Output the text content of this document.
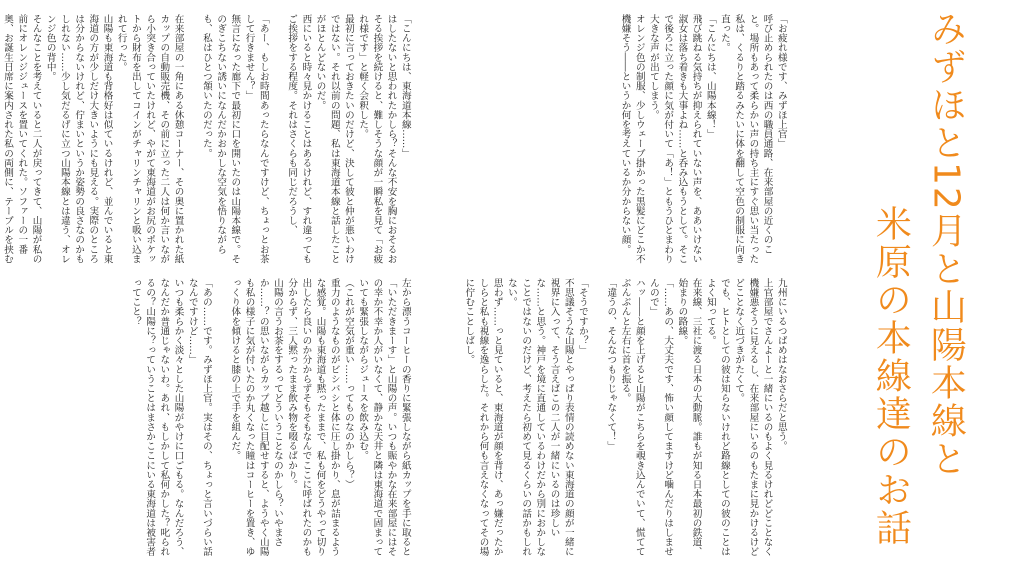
みずほと12月と山陽本線と
米原の本線達のお話

「お疲れ様です、みずほ上官」
呼び止められたのは西の職員通路、在来部屋の近くのこと。場所もあって柔らかい声の持ち主にすぐ思い当たった私は、くるりと踏るみたいに体を翻して空色の制服に向き直った。
「こんにちは、山陽本線！」
飛び跳ねる気持ちが抑えられていない声を、ああいけない淑女は落ち着きも大事よね……と呑み込もうとして。そこで後ろに立った顔に気が付いて「あ！」ともうひとまわり大きな声が出てしまう。
オレンジ色の制服、少しウェーブ掛かった黒髪にどこか不機嫌そう――というか何を考えているか分からない顔。

九州にいるつばめはなおさらだと思う。
上官部屋でさんよーと一緒にいるのもよく見るけれどどことなく機嫌悪そうに見えるし、在来部屋にいるのもたまに見かけるけどどことなく近づきがたくて。
でも、ヒトとしての彼は知らないけれど路線としての彼のことはよく知ってる。
在来線、三社に渡る日本の大動脈。誰もが知る日本最初の鉄道、始まりの路線。
「……あの、大丈夫です、怖い顔してますけど噛んだりはしませんので」
ハッ――と顔を上げると山陽がこちらを覗き込んでいて、慌ててぶんぶんと左右に首を振る。
「違うの、そんなつもりじゃなくて！」

「そうですか？」
不思議そうな山陽とやっぱり表情の読めない東海道の顔が一緒に視界に入って、そう言えばこの二人が一緒にいるのは珍しいな……と思う。神戸を境に直通しているわけだから別におかしなことではないのだけど、考えたら初めて見るくらいの話かもしれない。
思わず……っと見ていると、東海道が顔を背け、あっ嫌だったかしらと私も視線を逸らした。それから何も言えなくなってその場に佇むことしばし。

「こんにちは、東海道本線……」
はしたないと思われたかしら？そんな不安を胸におそるおそる挨拶を続けると、難しそうな顔が一瞬私を見て「お疲れ様です」と軽く会釈した。
最初に言っておきたいのだけど、決して彼と仲が悪いわけではない。それ以前の問題、私は東海道本線と話したことがほとんどないのだ。
西にいると時々見かけることはあるけれど、すれ違ってもご挨拶をする程度。それはさくらも同じだろうし、

「あー、もしお時間あったらなんですけど、ちょっとお茶して行きません？」
無言になった廊下で最初に口を開いたのは山陽本線で。そのぎこちない誘いになんだかおかしな空気を悟りながらも、私はひとつ頷いたのだった。

在来部屋の一角にある休憩コーナー、その奥に置かれた紙カップの自動販売機、その前に立った二人は何か言いながら小突き合っていたけれど、やがて東海道がお尻のポケットから財布を出してコインがチャリンチャリンと吸い込まれて行った。
山陽も東海道も背格好は似ているけれど、並んでいると東海道の方が少しだけ大きいようにも見える。実際のところは分からないけれど、佇まいというか姿勢の良さなのかもしれない……少し気だるげに立つ山陽本線とは違う、オレンジ色の背中。
そんなことを考えていると二人が戻ってきて、山陽が私の前にオレンジジュースを置いてくれた。ソファーの一番奥、お誕生日席に案内された私の両側に、テーブルを挟む

左から漂うコーヒーの香りに緊張しながら紙カップを手に取ると「いただきまーす」と山陽の声。いつも賑やかな在来部屋にはその幸か不幸か人がいなくて、静かな天井と隣は東海道で固まっていても緊張しながらジュースを飲み込む。
（これが空気が重い……ってものなのかしら？）
重力のようなものがビシバシと体に圧し掛かり、息が詰まるような感覚。山陽も東海道も黙ったままで、私も何をどうやって切り出したら良いのか分からずそもそもなんでここに呼ばれたのかも分からず、三人黙ったまま飲み物を啜るばかり。
山陽の言うお茶をするってどういうことなのかしら？いやまさか……？の思いながらカップ越しに目配せすると、ようやく山陽も私の様子に気が付いたのか丸くなった瞳はコーヒーを置き、ゆっくり体を傾けると膝の上で手を組んだ。

「あの……です。みずほ上官。実はその、ちょっと言いづらい話なんですけど……」
いつも柔らかく淡々とした山陽がやけに口ごもる。なんだろう、なんだか普通じゃないわ。あれ、もしかして私何かした？叱られるの？山陽に？っていうことはまさかここにいる東海道は被害者ってこと？
